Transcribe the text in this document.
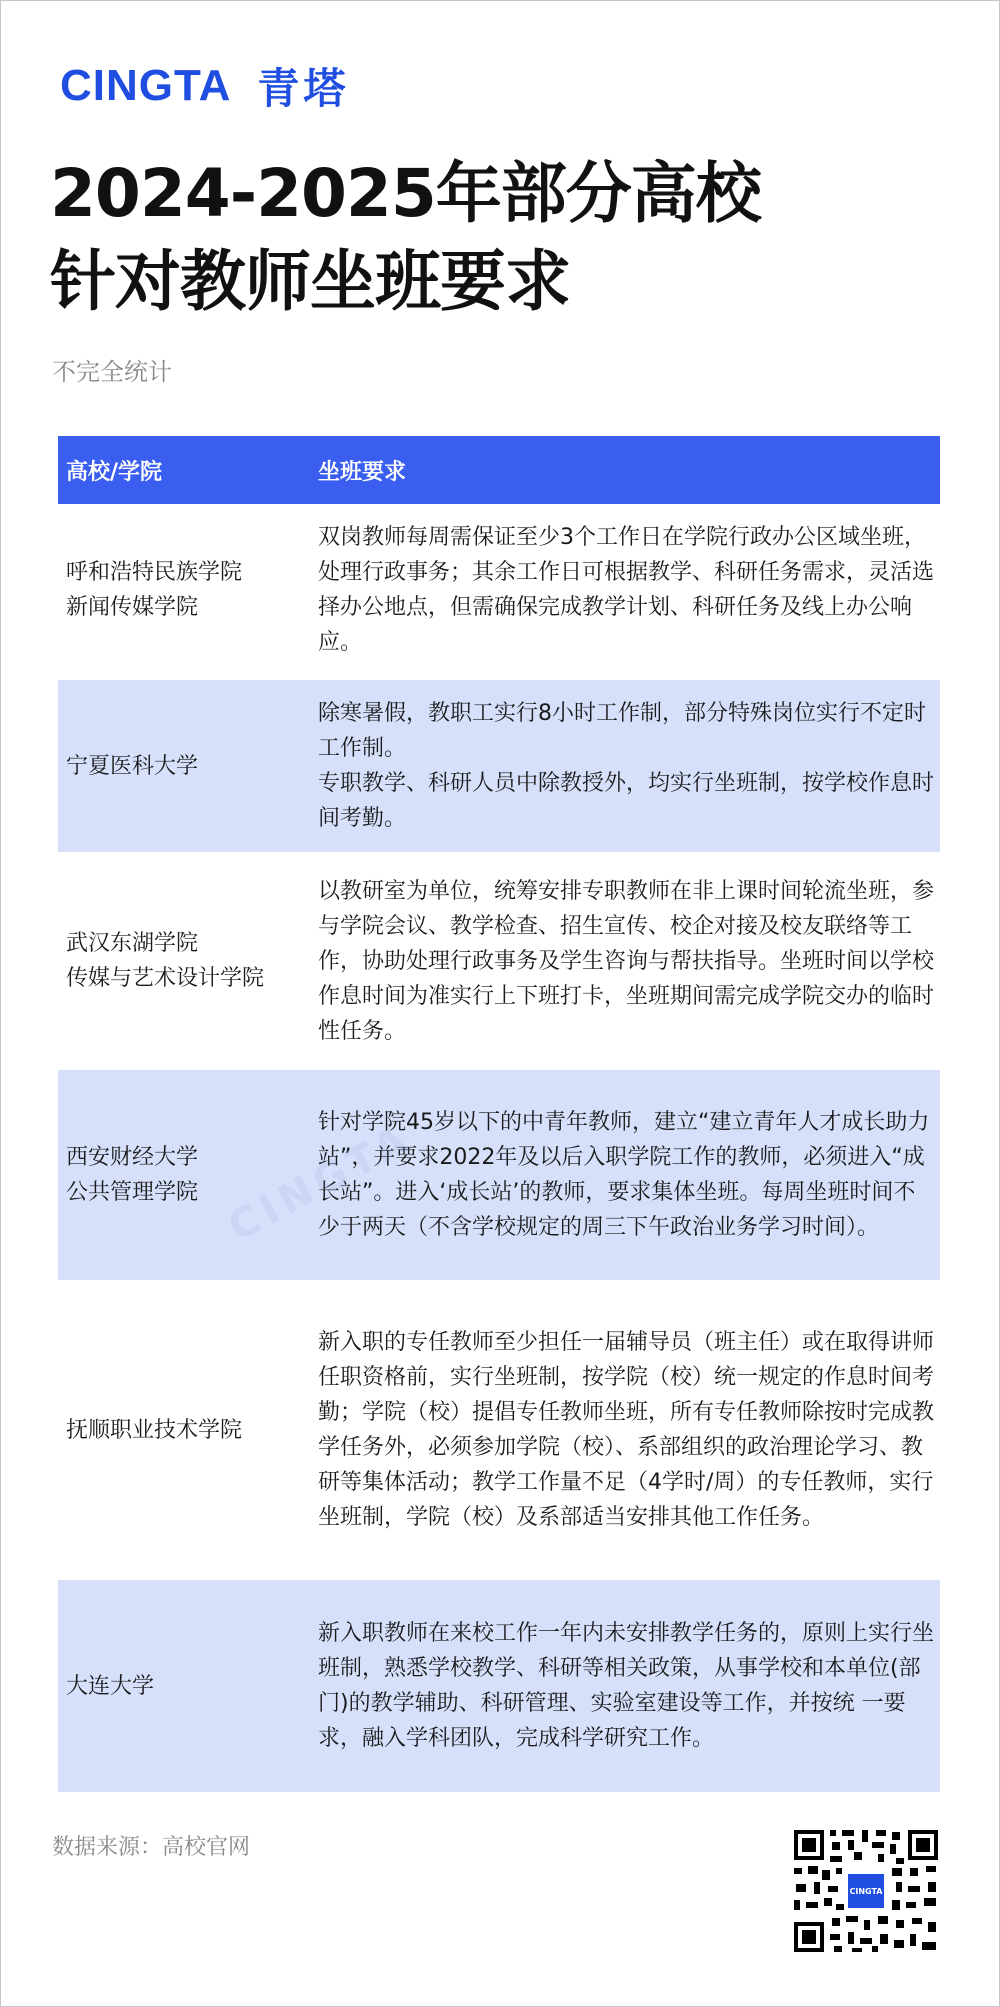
CINGTA 青塔
2024-2025年部分高校
针对教师坐班要求
不完全统计
高校/学院	坐班要求
呼和浩特民族学院
新闻传媒学院

双岗教师每周需保证至少3个工作日在学院行政办公区域坐班，处理行政事务；其余工作日可根据教学、科研任务需求，灵活选择办公地点，但需确保完成教学计划、科研任务及线上办公响应。

宁夏医科大学

除寒暑假，教职工实行8小时工作制，部分特殊岗位实行不定时工作制。

专职教学、科研人员中除教授外，均实行坐班制，按学校作息时间考勤。

武汉东湖学院
传媒与艺术设计学院

以教研室为单位，统筹安排专职教师在非上课时间轮流坐班，参与学院会议、教学检查、招生宣传、校企对接及校友联络等工作，协助处理行政事务及学生咨询与帮扶指导。坐班时间以学校作息时间为准实行上下班打卡，坐班期间需完成学院交办的临时性任务。

西安财经大学
公共管理学院

针对学院45岁以下的中青年教师，建立“建立青年人才成长助力站”，并要求2022年及以后入职学院工作的教师，必须进入“成长站”。进入‘成长站’的教师，要求集体坐班。每周坐班时间不少于两天（不含学校规定的周三下午政治业务学习时间）。

抚顺职业技术学院

新入职的专任教师至少担任一届辅导员（班主任）或在取得讲师任职资格前，实行坐班制，按学院（校）统一规定的作息时间考勤；学院（校）提倡专任教师坐班，所有专任教师除按时完成教学任务外，必须参加学院（校）、系部组织的政治理论学习、教研等集体活动；教学工作量不足（4学时/周）的专任教师，实行坐班制，学院（校）及系部适当安排其他工作任务。

大连大学

新入职教师在来校工作一年内未安排教学任务的，原则上实行坐班制，熟悉学校教学、科研等相关政策，从事学校和本单位(部门)的教学辅助、科研管理、实验室建设等工作，并按统 一要求，融入学科团队，完成科学研究工作。

CINGTA
数据来源：高校官网
CINGTA
